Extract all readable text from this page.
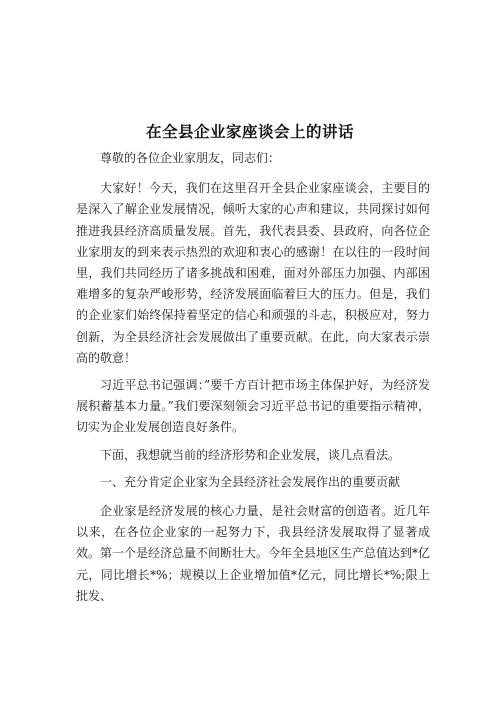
在全县企业家座谈会上的讲话

尊敬的各位企业家朋友，同志们：

大家好！今天，我们在这里召开全县企业家座谈会，主要目的是深入了解企业发展情况，倾听大家的心声和建议，共同探讨如何推进我县经济高质量发展。首先，我代表县委、县政府，向各位企业家朋友的到来表示热烈的欢迎和衷心的感谢！在以往的一段时间里，我们共同经历了诸多挑战和困难，面对外部压力加强、内部困难增多的复杂严峻形势，经济发展面临着巨大的压力。但是，我们的企业家们始终保持着坚定的信心和顽强的斗志，积极应对，努力创新，为全县经济社会发展做出了重要贡献。在此，向大家表示崇高的敬意！

习近平总书记强调：”要千方百计把市场主体保护好，为经济发展积蓄基本力量。”我们要深刻领会习近平总书记的重要指示精神，切实为企业发展创造良好条件。

下面，我想就当前的经济形势和企业发展，谈几点看法。

一、充分肯定企业家为全县经济社会发展作出的重要贡献

企业家是经济发展的核心力量，是社会财富的创造者。近几年以来，在各位企业家的一起努力下，我县经济发展取得了显著成效。第一个是经济总量不间断壮大。今年全县地区生产总值达到*亿元，同比增长*%；规模以上企业增加值*亿元，同比增长*%;限上批发、
